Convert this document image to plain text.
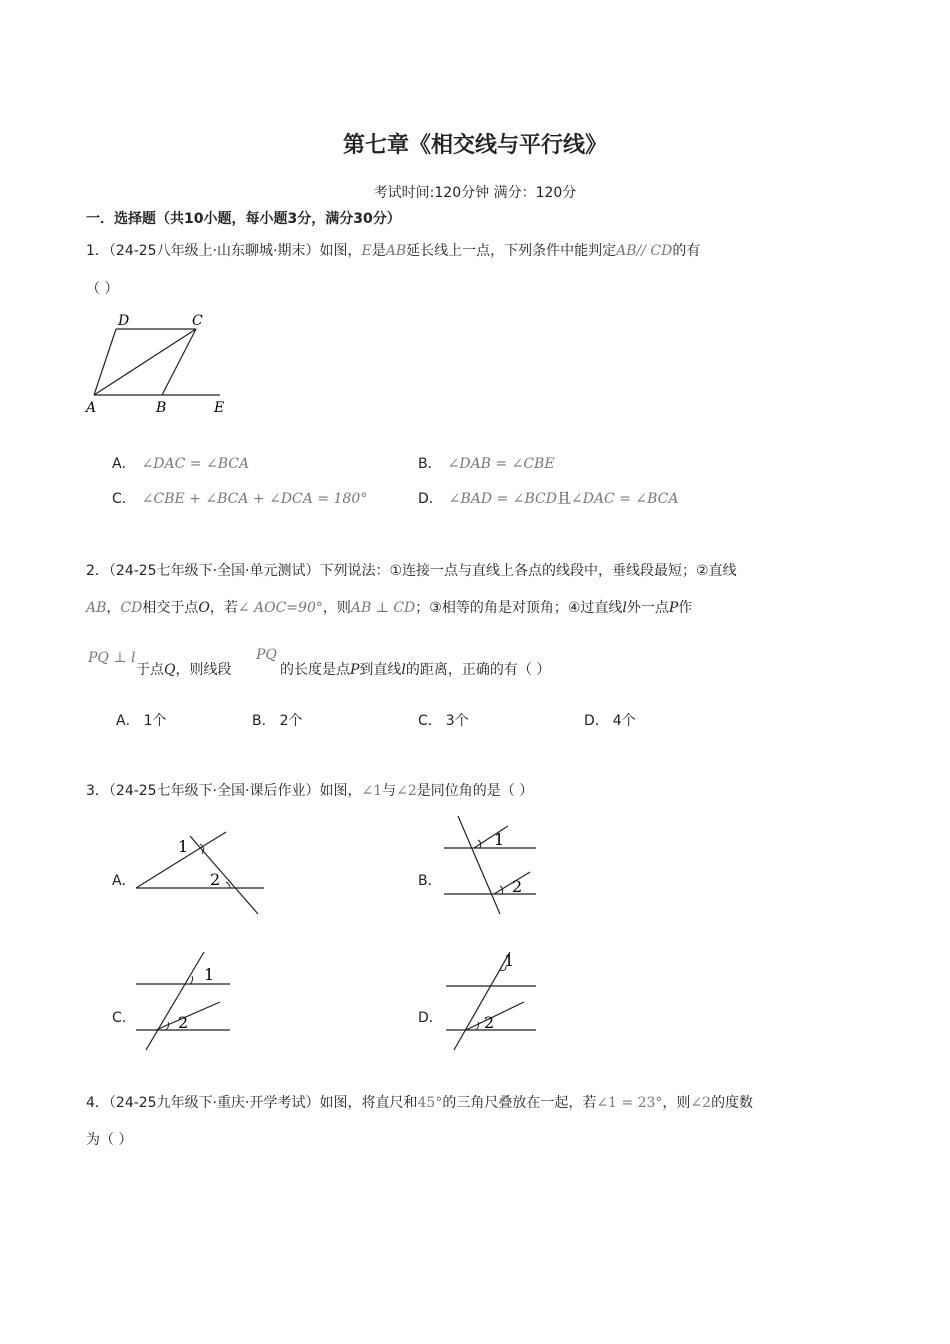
第七章《相交线与平行线》
考试时间:120分钟 满分：120分
一．选择题（共10小题，每小题3分，满分30分）
1．（24-25八年级上·山东聊城·期末）如图，E是AB延长线上一点，下列条件中能判定AB// CD的有
（ ）
D	C
A	B	E
A． ∠DAC = ∠BCA	B． ∠DAB = ∠CBE
C． ∠CBE + ∠BCA + ∠DCA = 180°	D． ∠BAD = ∠BCD且∠DAC = ∠BCA
2．（24-25七年级下·全国·单元测试）下列说法：①连接一点与直线上各点的线段中，垂线段最短；②直线
AB，CD相交于点O，若∠ AOC=90°，则AB ⊥ CD；③相等的角是对顶角；④过直线l外一点P作
PQ ⊥ l	PQ
于点Q，则线段	的长度是点P到直线l的距离，正确的有（ ）
A． 1个	B． 2个	C． 3个	D． 4个
3．（24-25七年级下·全国·课后作业）如图，∠1与∠2是同位角的是（ ）
A．
1
2	B．
1
2
C．
1
2	D．
1
2
4．（24-25九年级下·重庆·开学考试）如图，将直尺和45°的三角尺叠放在一起，若∠1 = 23°，则∠2的度数
为（ ）
